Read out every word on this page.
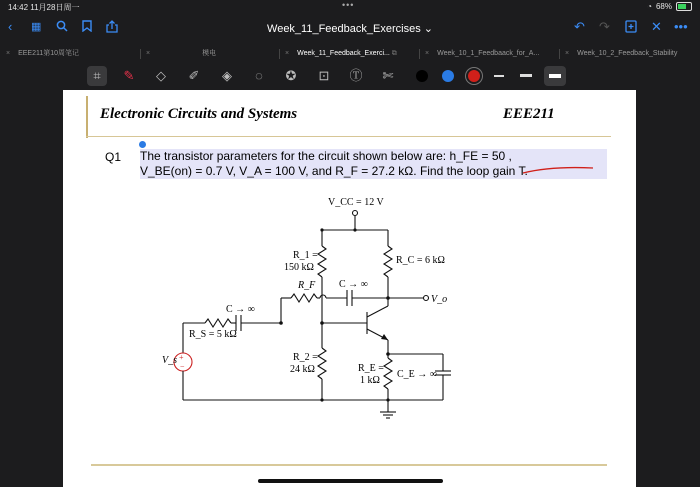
14:42 11月28日周一	•••	◔ 68%
‹ ▦	Week_11_Feedback_Exercises ⌄	↶ ↷	✕ •••
× EEE211第10周笔记	×	模电	× Week_11_Feedback_Exerci... ⧉	× Week_10_1_Feedbaack_for_A...	× Week_10_2_Feedback_Stability
⌗	✎	◇	✐	◈	◌	✪	⊡	Ⓣ	✄
Electronic Circuits and Systems	EEE211
Q1 The transistor parameters for the circuit shown below are: h_FE = 50 ,

V_BE(on) = 0.7 V, V_A = 100 V, and R_F = 27.2 kΩ. Find the loop gain T.

+
−
V_CC = 12 V
R_1 =
150 kΩ
R_C = 6 kΩ
R_F C → ∞
C → ∞
R_S = 5 kΩ
V_s	R_2 =
24 kΩ	R_E =
1 kΩ
C_E → ∞
V_o
